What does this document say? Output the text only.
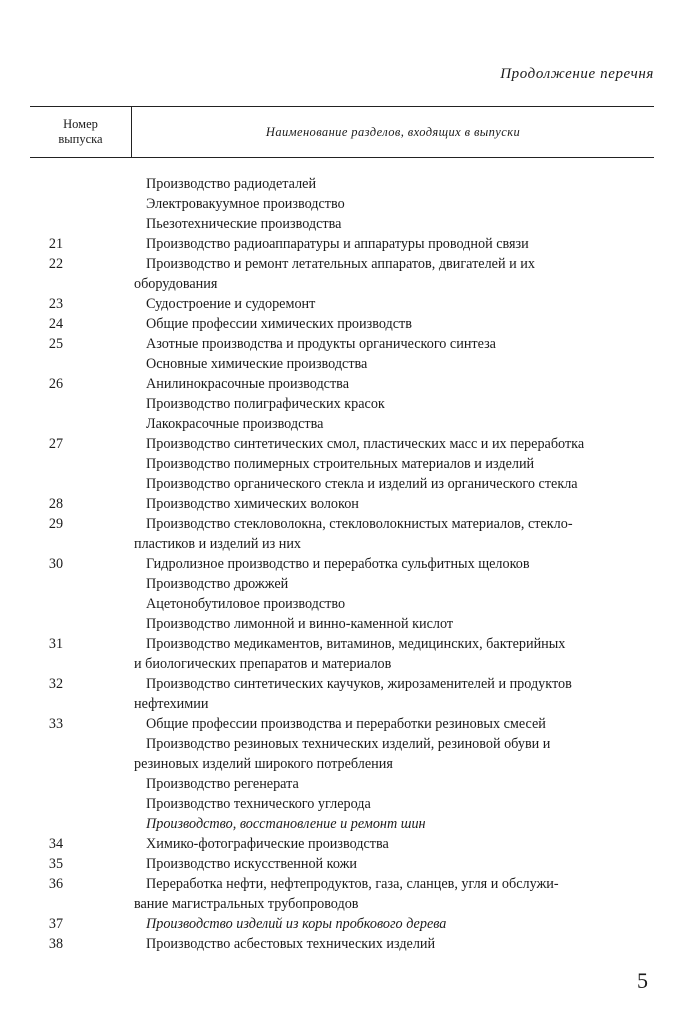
Продолжение перечня
Номер
выпуска
Наименование разделов, входящих в выпуски
Производство радиодеталей
Электровакуумное производство
Пьезотехнические производства
21	Производство радиоаппаратуры и аппаратуры проводной связи
22	Производство и ремонт летательных аппаратов, двигателей и их
оборудования
23	Судостроение и судоремонт
24	Общие профессии химических производств
25	Азотные производства и продукты органического синтеза
Основные химические производства
26	Анилинокрасочные производства
Производство полиграфических красок
Лакокрасочные производства
27	Производство синтетических смол, пластических масс и их переработка
Производство полимерных строительных материалов и изделий
Производство органического стекла и изделий из органического стекла
28	Производство химических волокон
29	Производство стекловолокна, стекловолокнистых материалов, стекло-
пластиков и изделий из них
30	Гидролизное производство и переработка сульфитных щелоков
Производство дрожжей
Ацетонобутиловое производство
Производство лимонной и винно-каменной кислот
31	Производство медикаментов, витаминов, медицинских, бактерийных
и биологических препаратов и материалов
32	Производство синтетических каучуков, жирозаменителей и продуктов
нефтехимии
33	Общие профессии производства и переработки резиновых смесей
Производство резиновых технических изделий, резиновой обуви и
резиновых изделий широкого потребления
Производство регенерата
Производство технического углерода
Производство, восстановление и ремонт шин
34	Химико-фотографические производства
35	Производство искусственной кожи
36	Переработка нефти, нефтепродуктов, газа, сланцев, угля и обслужи-
вание магистральных трубопроводов
37	Производство изделий из коры пробкового дерева
38	Производство асбестовых технических изделий
5
